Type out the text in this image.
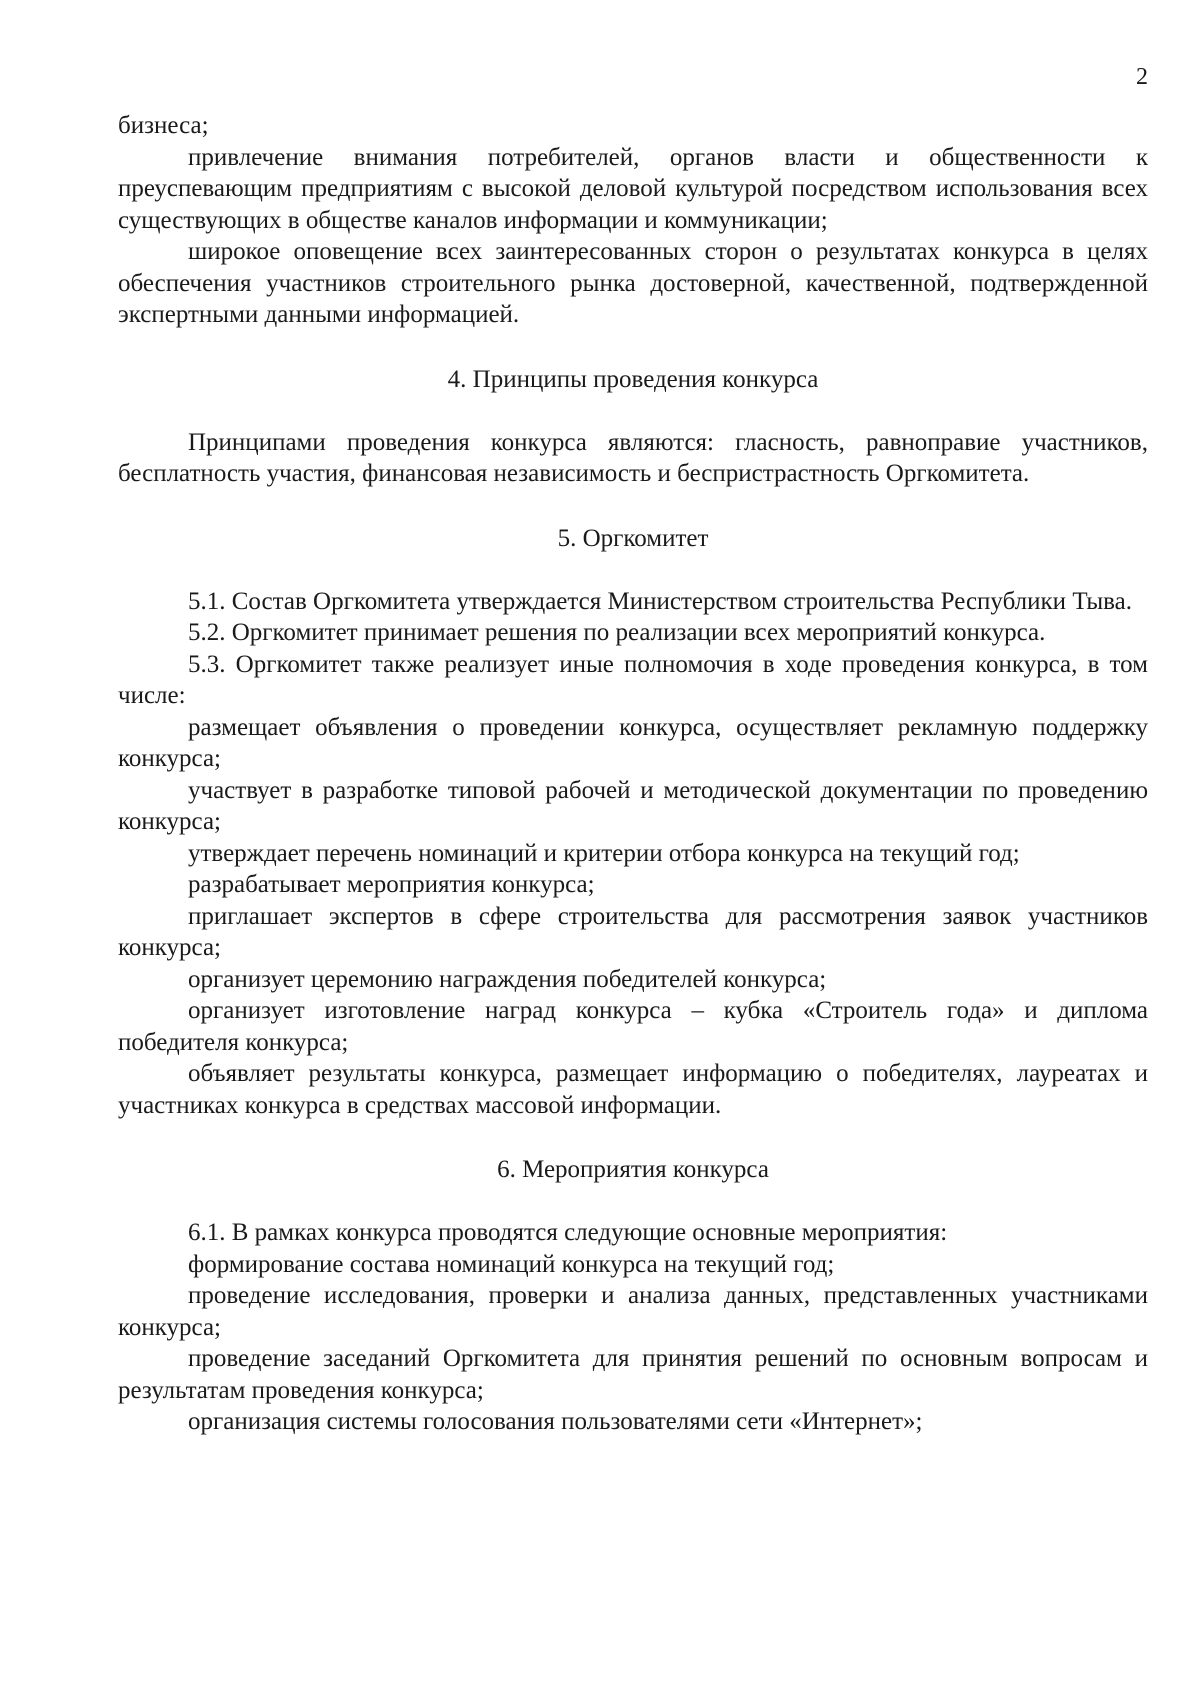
2

бизнеса;

привлечение внимания потребителей, органов власти и общественности к преуспевающим предприятиям с высокой деловой культурой посредством использования всех существующих в обществе каналов информации и коммуникации;

широкое оповещение всех заинтересованных сторон о результатах конкурса в целях обеспечения участников строительного рынка достоверной, качественной, подтвержденной экспертными данными информацией.

4. Принципы проведения конкурса

Принципами проведения конкурса являются: гласность, равноправие участников, бесплатность участия, финансовая независимость и беспристрастность Оргкомитета.

5. Оргкомитет

5.1. Состав Оргкомитета утверждается Министерством строительства Республики Тыва.

5.2. Оргкомитет принимает решения по реализации всех мероприятий конкурса.

5.3. Оргкомитет также реализует иные полномочия в ходе проведения конкурса, в том числе:

размещает объявления о проведении конкурса, осуществляет рекламную поддержку конкурса;

участвует в разработке типовой рабочей и методической документации по проведению конкурса;

утверждает перечень номинаций и критерии отбора конкурса на текущий год;

разрабатывает мероприятия конкурса;

приглашает экспертов в сфере строительства для рассмотрения заявок участников конкурса;

организует церемонию награждения победителей конкурса;

организует изготовление наград конкурса – кубка «Строитель года» и диплома победителя конкурса;

объявляет результаты конкурса, размещает информацию о победителях, лауреатах и участниках конкурса в средствах массовой информации.

6. Мероприятия конкурса

6.1. В рамках конкурса проводятся следующие основные мероприятия:

формирование состава номинаций конкурса на текущий год;

проведение исследования, проверки и анализа данных, представленных участниками конкурса;

проведение заседаний Оргкомитета для принятия решений по основным вопросам и результатам проведения конкурса;

организация системы голосования пользователями сети «Интернет»;
